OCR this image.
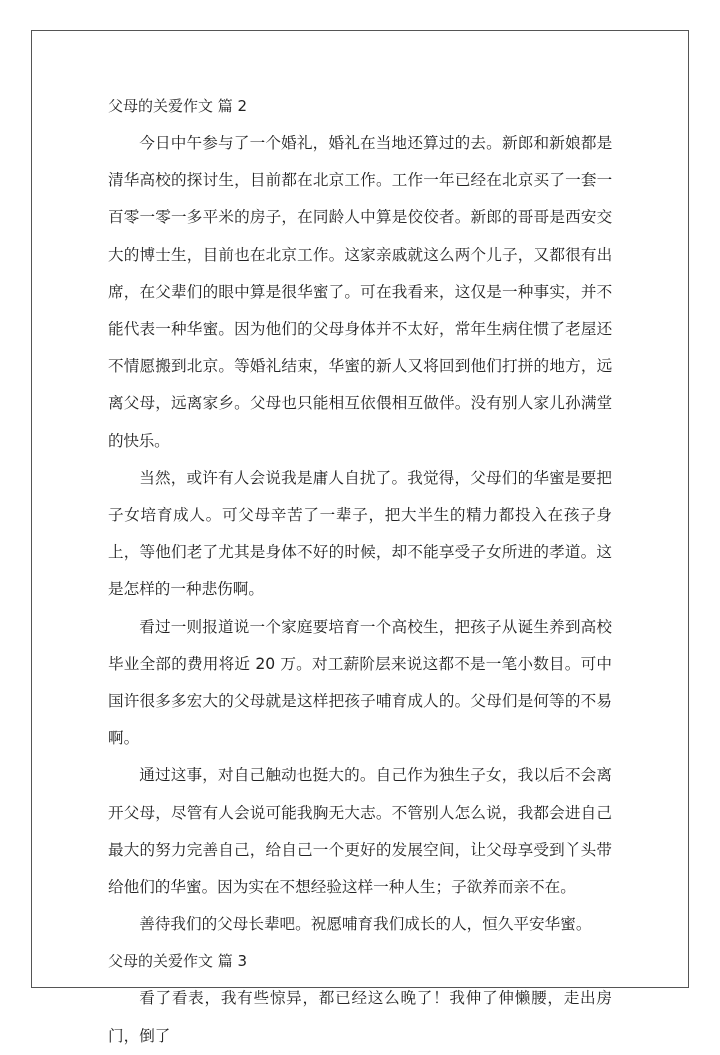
父母的关爱作文 篇 2

今日中午参与了一个婚礼，婚礼在当地还算过的去。新郎和新娘都是清华高校的探讨生，目前都在北京工作。工作一年已经在北京买了一套一百零一零一多平米的房子，在同龄人中算是佼佼者。新郎的哥哥是西安交大的博士生，目前也在北京工作。这家亲戚就这么两个儿子，又都很有出席，在父辈们的眼中算是很华蜜了。可在我看来，这仅是一种事实，并不能代表一种华蜜。因为他们的父母身体并不太好，常年生病住惯了老屋还不情愿搬到北京。等婚礼结束，华蜜的新人又将回到他们打拼的地方，远离父母，远离家乡。父母也只能相互依偎相互做伴。没有别人家儿孙满堂的快乐。

当然，或许有人会说我是庸人自扰了。我觉得，父母们的华蜜是要把子女培育成人。可父母辛苦了一辈子，把大半生的精力都投入在孩子身上，等他们老了尤其是身体不好的时候，却不能享受子女所进的孝道。这是怎样的一种悲伤啊。

看过一则报道说一个家庭要培育一个高校生，把孩子从诞生养到高校毕业全部的费用将近 20 万。对工薪阶层来说这都不是一笔小数目。可中国许很多多宏大的父母就是这样把孩子哺育成人的。父母们是何等的不易啊。

通过这事，对自己触动也挺大的。自己作为独生子女，我以后不会离开父母，尽管有人会说可能我胸无大志。不管别人怎么说，我都会进自己最大的努力完善自己，给自己一个更好的发展空间，让父母享受到丫头带给他们的华蜜。因为实在不想经验这样一种人生；子欲养而亲不在。

善待我们的父母长辈吧。祝愿哺育我们成长的人，恒久平安华蜜。

父母的关爱作文 篇 3

看了看表，我有些惊异，都已经这么晚了！我伸了伸懒腰，走出房门，倒了
